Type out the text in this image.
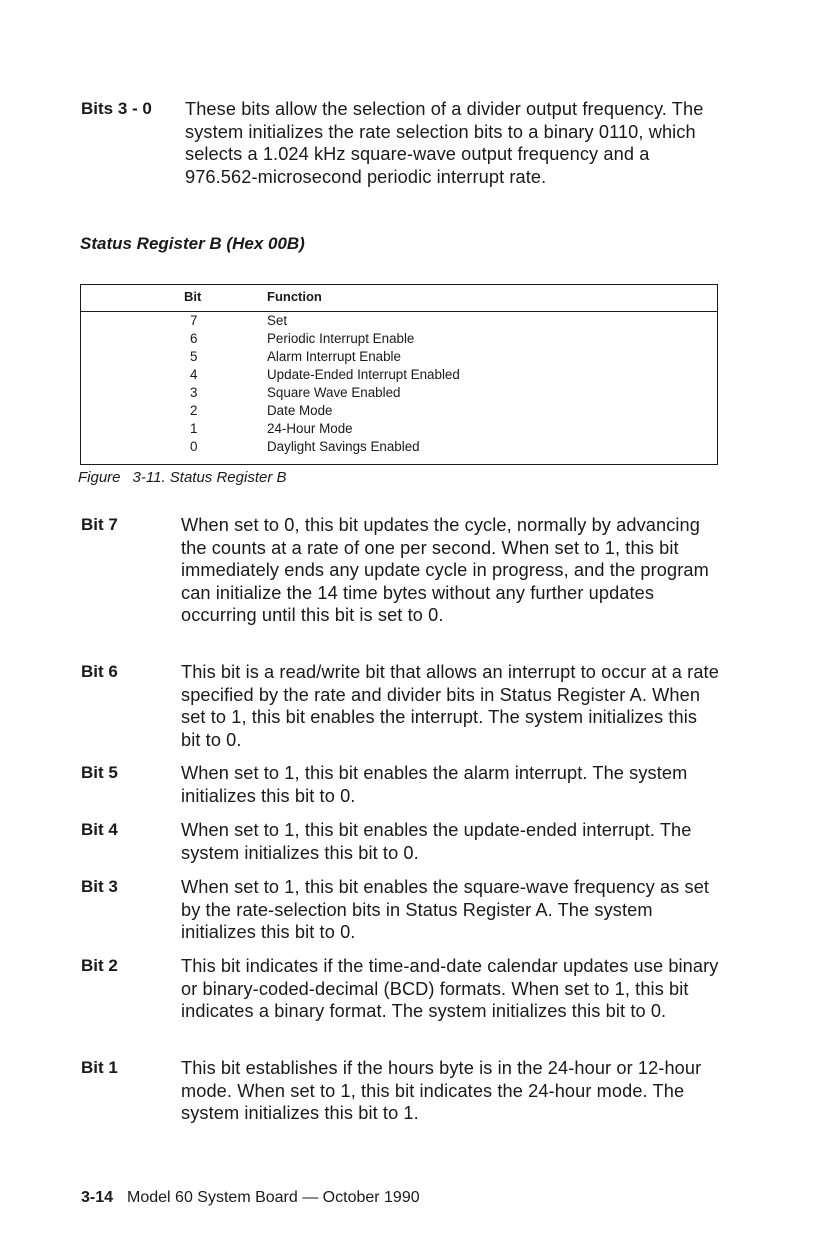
Bits 3 - 0	These bits allow the selection of a divider output frequency. The system initializes the rate selection bits to a binary 0110, which selects a 1.024 kHz square-wave output frequency and a 976.562-microsecond periodic interrupt rate.
Status Register B (Hex 00B)
Bit	Function
7	Set
6	Periodic Interrupt Enable
5	Alarm Interrupt Enable
4	Update-Ended Interrupt Enabled
3	Square Wave Enabled
2	Date Mode
1	24-Hour Mode
0	Daylight Savings Enabled
Figure 3-11. Status Register B
Bit 7	When set to 0, this bit updates the cycle, normally by advancing the counts at a rate of one per second. When set to 1, this bit immediately ends any update cycle in progress, and the program can initialize the 14 time bytes without any further updates occurring until this bit is set to 0.
Bit 6	This bit is a read/write bit that allows an interrupt to occur at a rate specified by the rate and divider bits in Status Register A. When set to 1, this bit enables the interrupt. The system initializes this bit to 0.
Bit 5	When set to 1, this bit enables the alarm interrupt. The system initializes this bit to 0.
Bit 4	When set to 1, this bit enables the update-ended interrupt. The system initializes this bit to 0.
Bit 3	When set to 1, this bit enables the square-wave frequency as set by the rate-selection bits in Status Register A. The system initializes this bit to 0.
Bit 2	This bit indicates if the time-and-date calendar updates use binary or binary-coded-decimal (BCD) formats. When set to 1, this bit indicates a binary format. The system initializes this bit to 0.
Bit 1	This bit establishes if the hours byte is in the 24-hour or 12-hour mode. When set to 1, this bit indicates the 24-hour mode. The system initializes this bit to 1.
3-14 Model 60 System Board — October 1990
